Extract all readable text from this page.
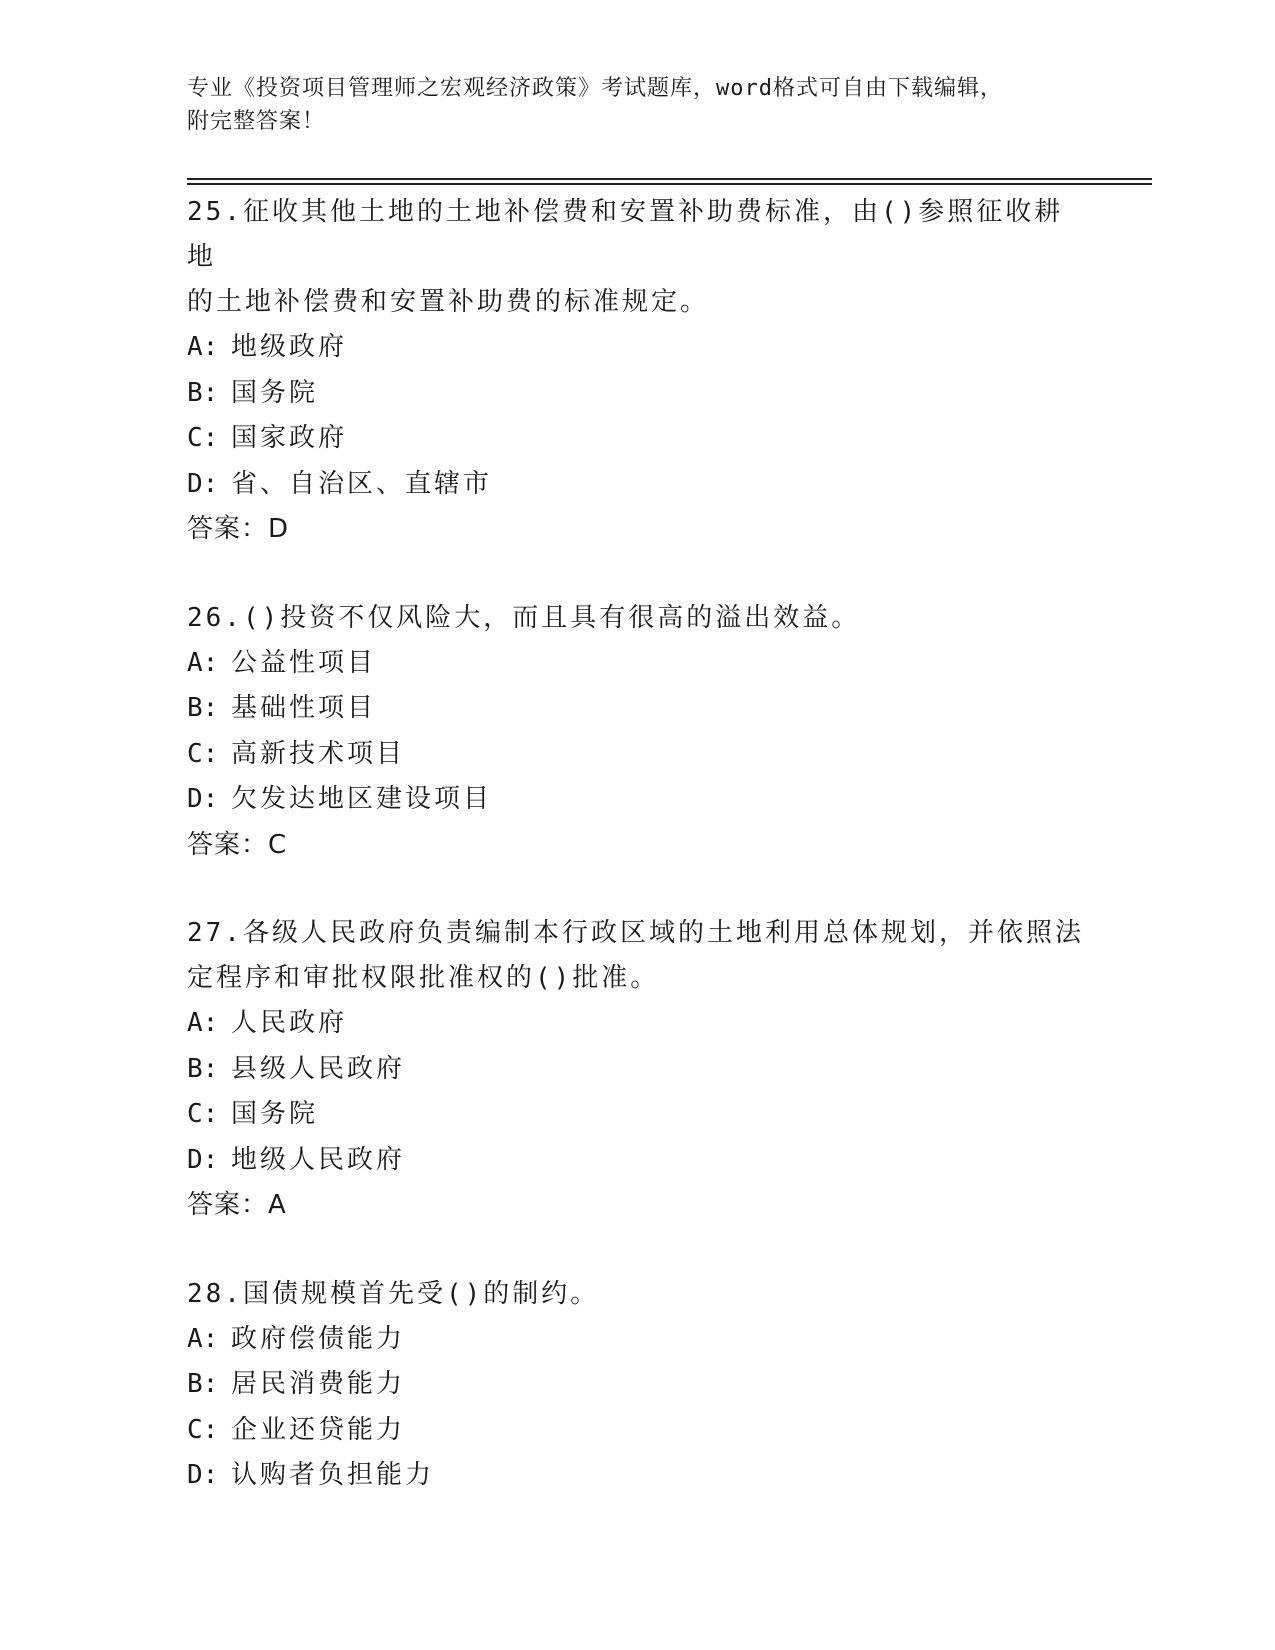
专业《投资项目管理师之宏观经济政策》考试题库，word格式可自由下载编辑，
附完整答案！
25.征收其他土地的土地补偿费和安置补助费标准，由()参照征收耕地
的土地补偿费和安置补助费的标准规定。
A: 地级政府
B: 国务院
C: 国家政府
D: 省、自治区、直辖市
答案：D
26.()投资不仅风险大，而且具有很高的溢出效益。
A: 公益性项目
B: 基础性项目
C: 高新技术项目
D: 欠发达地区建设项目
答案：C
27.各级人民政府负责编制本行政区域的土地利用总体规划，并依照法
定程序和审批权限批准权的()批准。
A: 人民政府
B: 县级人民政府
C: 国务院
D: 地级人民政府
答案：A
28.国债规模首先受()的制约。
A: 政府偿债能力
B: 居民消费能力
C: 企业还贷能力
D: 认购者负担能力
